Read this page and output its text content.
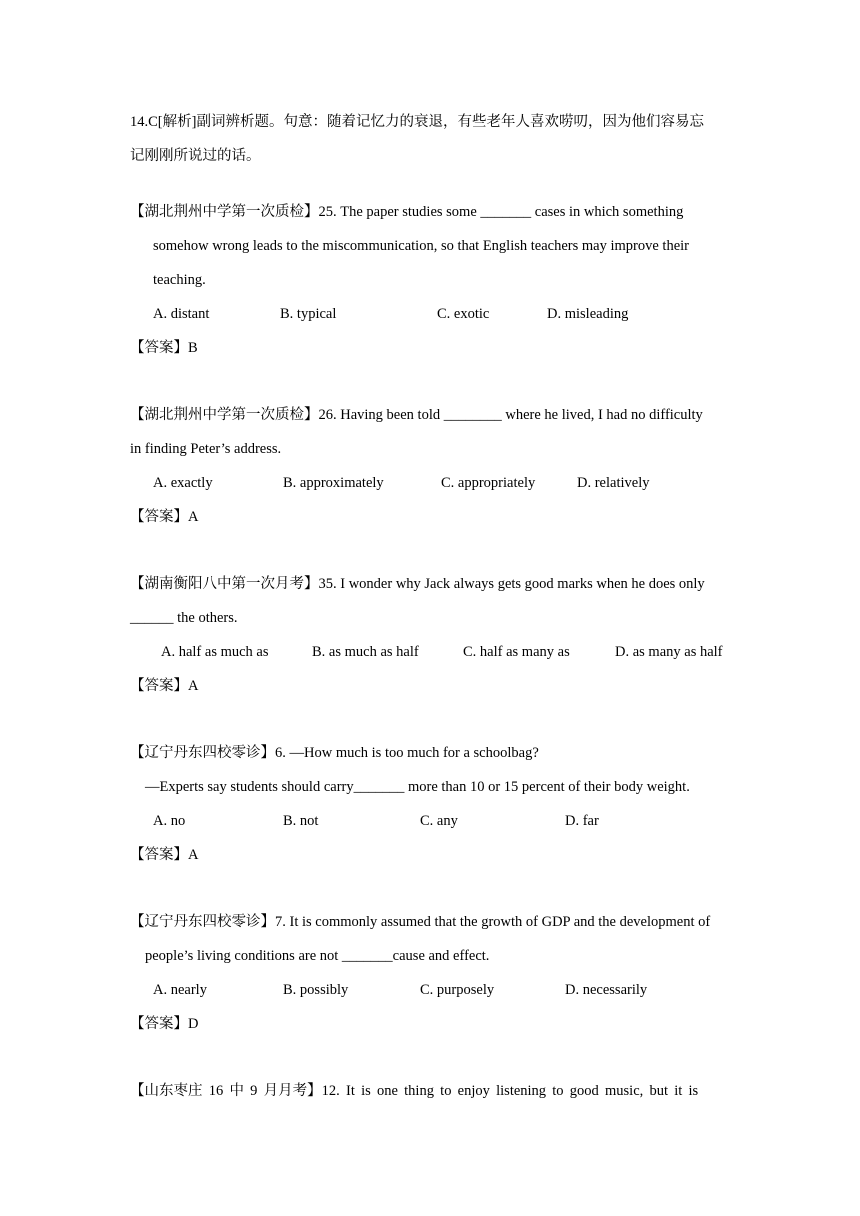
14.C[解析]副词辨析题。句意：随着记忆力的衰退，有些老年人喜欢唠叨，因为他们容易忘
记刚刚所说过的话。
【湖北荆州中学第一次质检】25. The paper studies some _______ cases in which something
somehow wrong leads to the miscommunication, so that English teachers may improve their
teaching.
A. distant	B. typical	C. exotic	D. misleading
【答案】B
【湖北荆州中学第一次质检】26. Having been told ________ where he lived, I had no difficulty
in finding Peter’s address.
A. exactly	B. approximately	C. appropriately	D. relatively
【答案】A
【湖南衡阳八中第一次月考】35. I wonder why Jack always gets good marks when he does only
______ the others.
A. half as much as	B. as much as half	C. half as many as	D. as many as half
【答案】A
【辽宁丹东四校零诊】6. —How much is too much for a schoolbag?
—Experts say students should carry_______ more than 10 or 15 percent of their body weight.
A. no	B. not	C. any	D. far
【答案】A
【辽宁丹东四校零诊】7. It is commonly assumed that the growth of GDP and the development of
people’s living conditions are not _______cause and effect.
A. nearly	B. possibly	C. purposely	D. necessarily
【答案】D
【山东枣庄 16 中 9 月月考】12. It is one thing to enjoy listening to good music, but it is
